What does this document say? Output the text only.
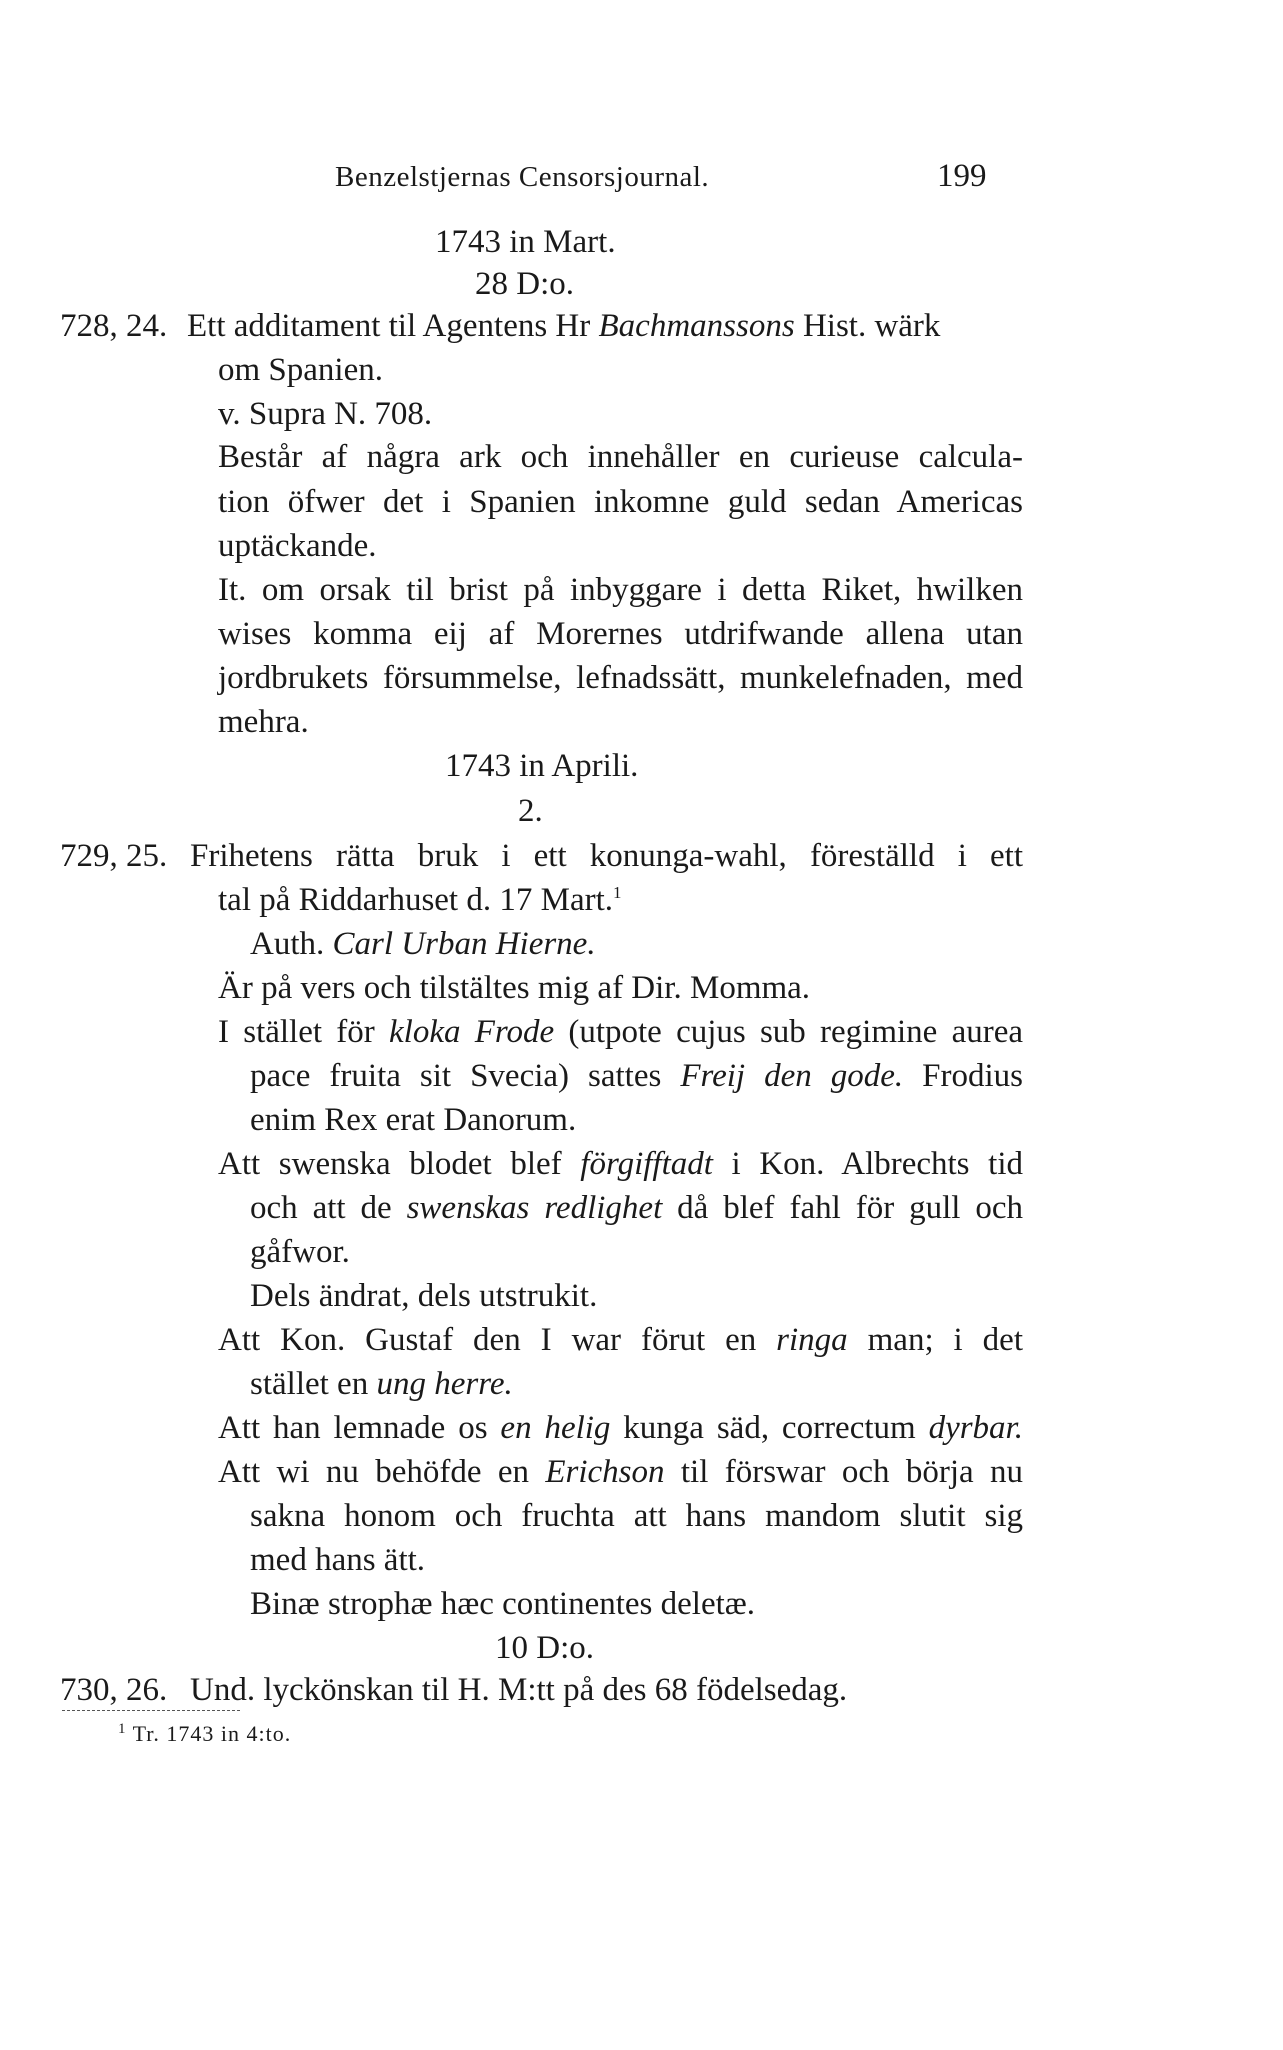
Benzelstjernas Censorsjournal.	199
1743 in Mart.
28 D:o.
728, 24. Ett additament til Agentens Hr Bachmanssons Hist. wärk
om Spanien.
v. Supra N. 708.
Består af några ark och innehåller en curieuse calcula-
tion öfwer det i Spanien inkomne guld sedan Americas
uptäckande.
It. om orsak til brist på inbyggare i detta Riket, hwilken
wises komma eij af Morernes utdrifwande allena utan
jordbrukets försummelse, lefnadssätt, munkelefnaden, med
mehra.
1743 in Aprili.
2.
729, 25. Frihetens rätta bruk i ett konunga-wahl, föreställd i ett
tal på Riddarhuset d. 17 Mart.$^1$
Auth. Carl Urban Hierne.
Är på vers och tilstältes mig af Dir. Momma.
I stället för kloka Frode (utpote cujus sub regimine aurea
pace fruita sit Svecia) sattes Freij den gode. Frodius
enim Rex erat Danorum.
Att swenska blodet blef förgifftadt i Kon. Albrechts tid
och att de swenskas redlighet då blef fahl för gull och
gåfwor.
Dels ändrat, dels utstrukit.
Att Kon. Gustaf den I war förut en ringa man; i det
stället en ung herre.
Att han lemnade os en helig kunga säd, correctum dyrbar.
Att wi nu behöfde en Erichson til förswar och börja nu
sakna honom och fruchta att hans mandom slutit sig
med hans ätt.
Binæ strophæ hæc continentes deletæ.
10 D:o.
730, 26. Und. lyckönskan til H. M:tt på des 68 födelsedag.
$^1$ Tr. 1743 in 4:to.
